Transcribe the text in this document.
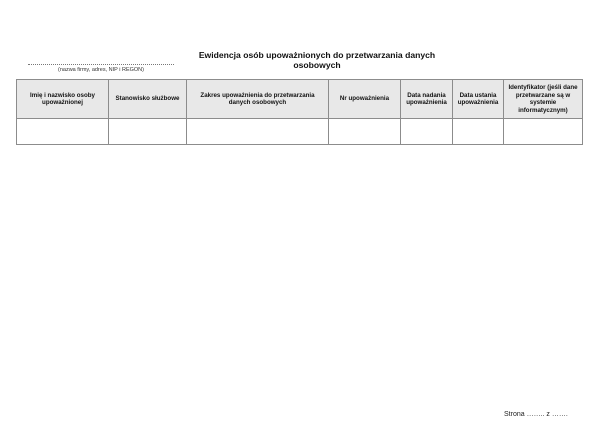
(nazwa firmy, adres, NIP i REGON)
Ewidencja osób upoważnionych do przetwarzania danych
osobowych
Imię i nazwisko osoby upoważnionej	Stanowisko służbowe	Zakres upoważnienia do przetwarzania danych osobowych	Nr upoważnienia	Data nadania upoważnienia	Data ustania upoważnienia	Identyfikator (jeśli dane przetwarzane są w systemie informatycznym)

Strona …….. z …….
